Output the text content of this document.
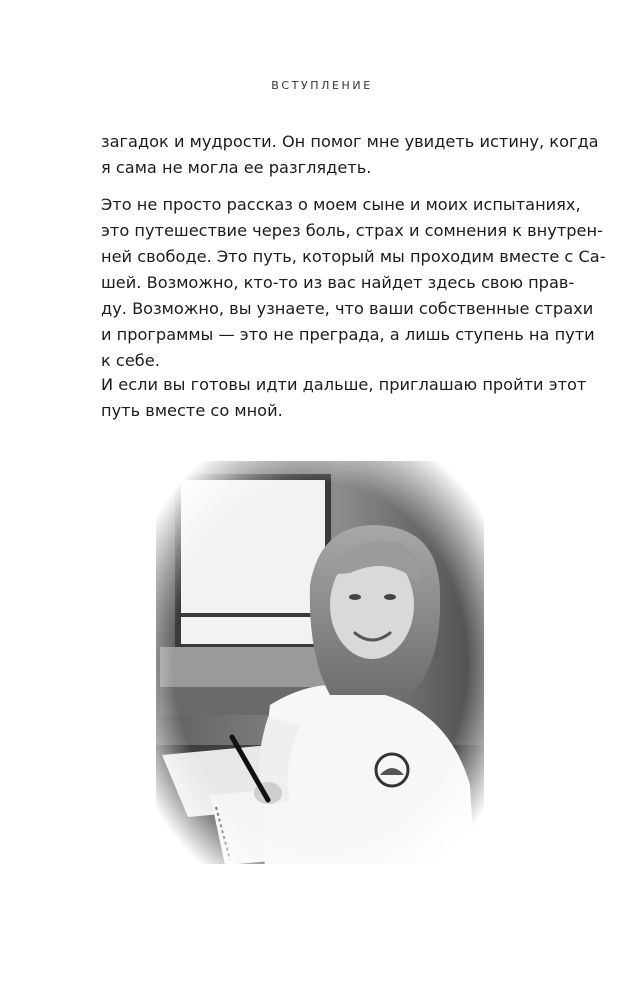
ВСТУПЛЕНИЕ
загадок и мудрости. Он помог мне увидеть истину, когда
я сама не могла ее разглядеть.
Это не просто рассказ о моем сыне и моих испытаниях,
это путешествие через боль, страх и сомнения к внутрен-
ней свободе. Это путь, который мы проходим вместе с Са-
шей. Возможно, кто-то из вас найдет здесь свою прав-
ду. Возможно, вы узнаете, что ваши собственные страхи
и программы — это не преграда, а лишь ступень на пути
к себе.
И если вы готовы идти дальше, приглашаю пройти этот
путь вместе со мной.
